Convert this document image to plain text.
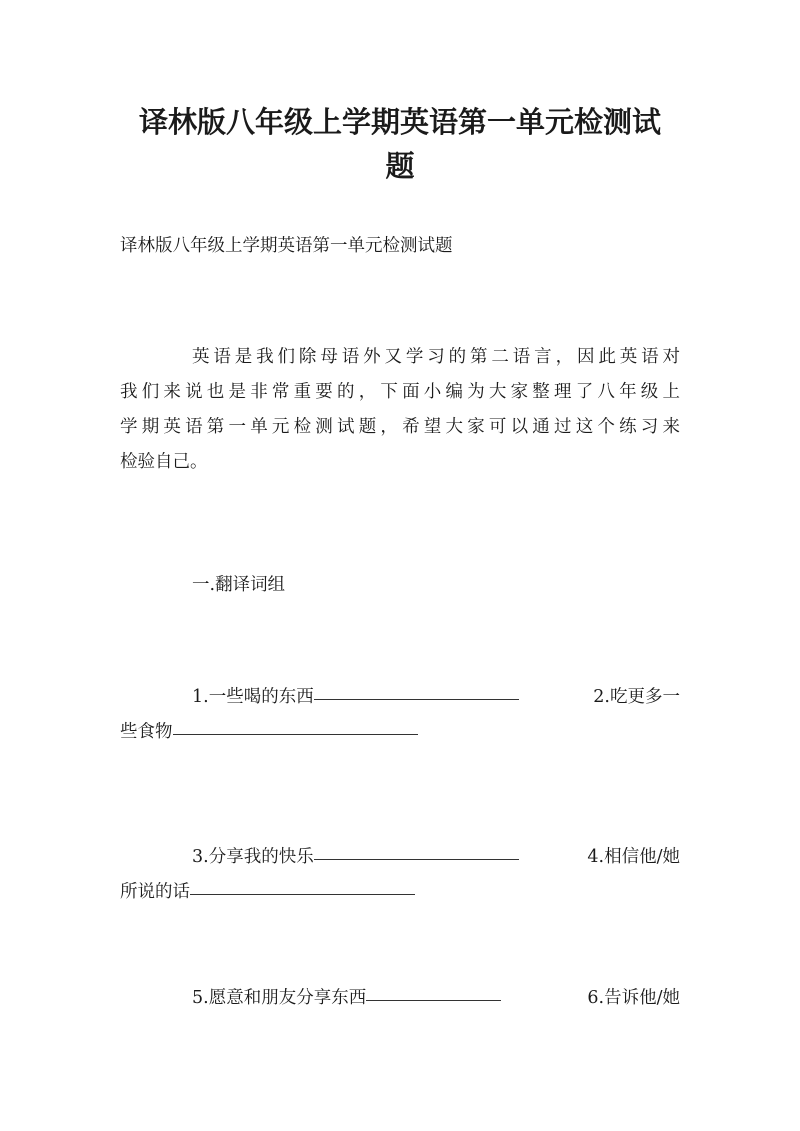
译林版八年级上学期英语第一单元检测试
题

译林版八年级上学期英语第一单元检测试题

英语是我们除母语外又学习的第二语言，因此英语对
我们来说也是非常重要的，下面小编为大家整理了八年级上
学期英语第一单元检测试题，希望大家可以通过这个练习来
检验自己。

一.翻译词组

1.一些喝的东西	2.吃更多一
些食物
3.分享我的快乐	4.相信他/她
所说的话
5.愿意和朋友分享东西	6.告诉他/她
